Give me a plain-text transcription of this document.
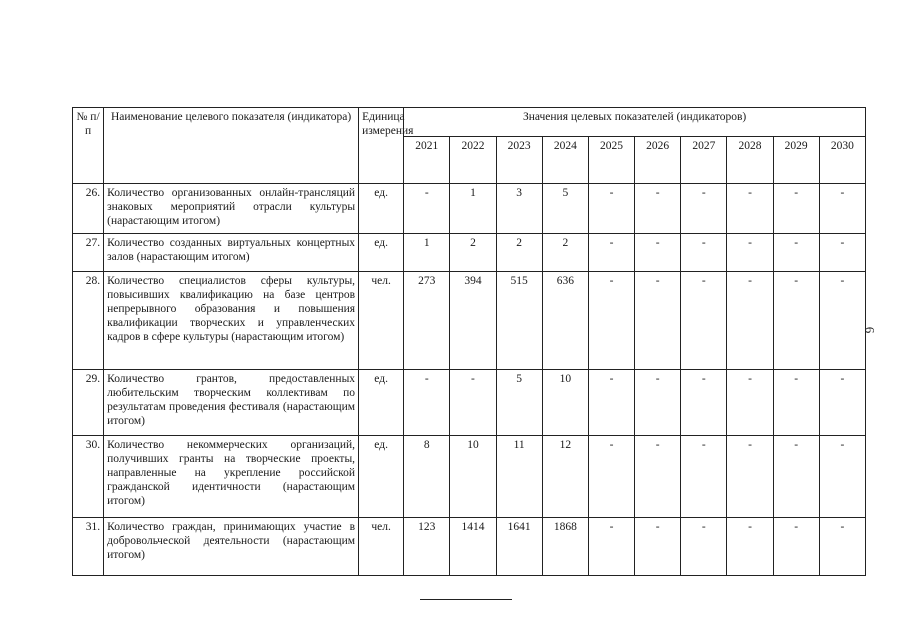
6
№ п/п	Наименование целевого показателя (индикатора)	Единица измерения	Значения целевых показателей (индикаторов)									
			2021	2022	2023	2024	2025	2026	2027	2028	2029	2030
26.	Количество организованных онлайн-трансляций знаковых мероприятий отрасли культуры (нарастающим итогом)	ед.	-	1	3	5	-	-	-	-	-	-
27.	Количество созданных виртуальных концертных залов (нарастающим итогом)	ед.	1	2	2	2	-	-	-	-	-	-
28.	Количество специалистов сферы культуры, повысивших квалификацию на базе центров непрерывного образования и повышения квалификации творческих и управленческих кадров в сфере культуры (нарастающим итогом)	чел.	273	394	515	636	-	-	-	-	-	-
29.	Количество грантов, предоставленных любительским творческим коллективам по результатам проведения фестиваля (нарастающим итогом)	ед.	-	-	5	10	-	-	-	-	-	-
30.	Количество некоммерческих организаций, получивших гранты на творческие проекты, направленные на укрепление российской гражданской идентичности (нарастающим итогом)	ед.	8	10	11	12	-	-	-	-	-	-
31.	Количество граждан, принимающих участие в добровольческой деятельности (нарастающим итогом)	чел.	123	1414	1641	1868	-	-	-	-	-	-
